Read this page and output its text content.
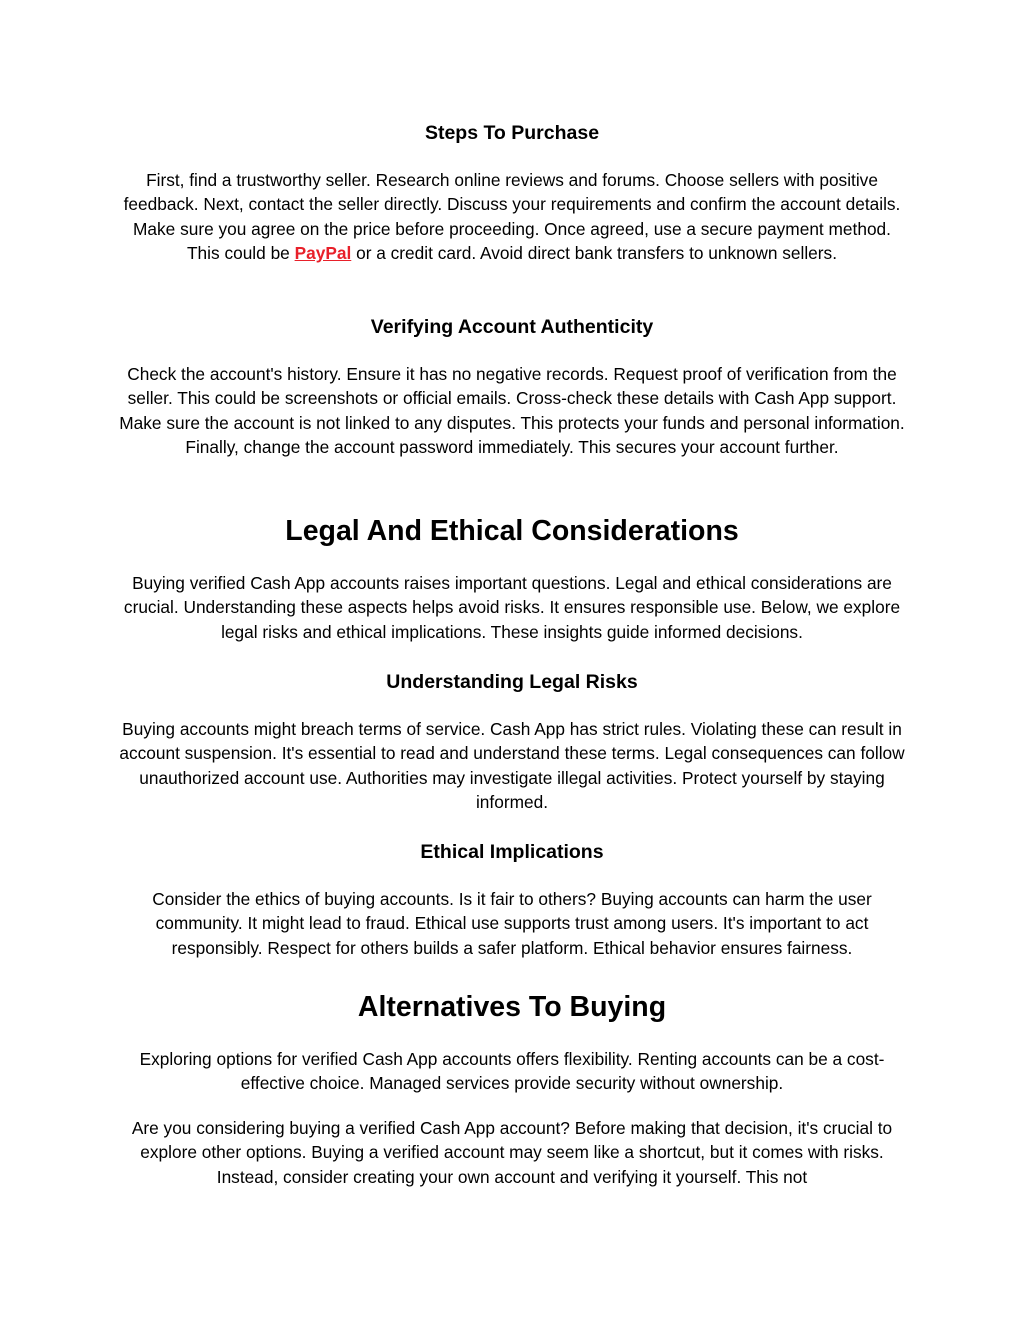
Steps To Purchase

First, find a trustworthy seller. Research online reviews and forums. Choose sellers with positive feedback. Next, contact the seller directly. Discuss your requirements and confirm the account details. Make sure you agree on the price before proceeding. Once agreed, use a secure payment method. This could be PayPal or a credit card. Avoid direct bank transfers to unknown sellers.

Verifying Account Authenticity

Check the account's history. Ensure it has no negative records. Request proof of verification from the seller. This could be screenshots or official emails. Cross-check these details with Cash App support. Make sure the account is not linked to any disputes. This protects your funds and personal information. Finally, change the account password immediately. This secures your account further.

Legal And Ethical Considerations

Buying verified Cash App accounts raises important questions. Legal and ethical considerations are crucial. Understanding these aspects helps avoid risks. It ensures responsible use. Below, we explore legal risks and ethical implications. These insights guide informed decisions.

Understanding Legal Risks

Buying accounts might breach terms of service. Cash App has strict rules. Violating these can result in account suspension. It's essential to read and understand these terms. Legal consequences can follow unauthorized account use. Authorities may investigate illegal activities. Protect yourself by staying informed.

Ethical Implications

Consider the ethics of buying accounts. Is it fair to others? Buying accounts can harm the user community. It might lead to fraud. Ethical use supports trust among users. It's important to act responsibly. Respect for others builds a safer platform. Ethical behavior ensures fairness.

Alternatives To Buying

Exploring options for verified Cash App accounts offers flexibility. Renting accounts can be a cost-effective choice. Managed services provide security without ownership.

Are you considering buying a verified Cash App account? Before making that decision, it's crucial to explore other options. Buying a verified account may seem like a shortcut, but it comes with risks. Instead, consider creating your own account and verifying it yourself. This not
